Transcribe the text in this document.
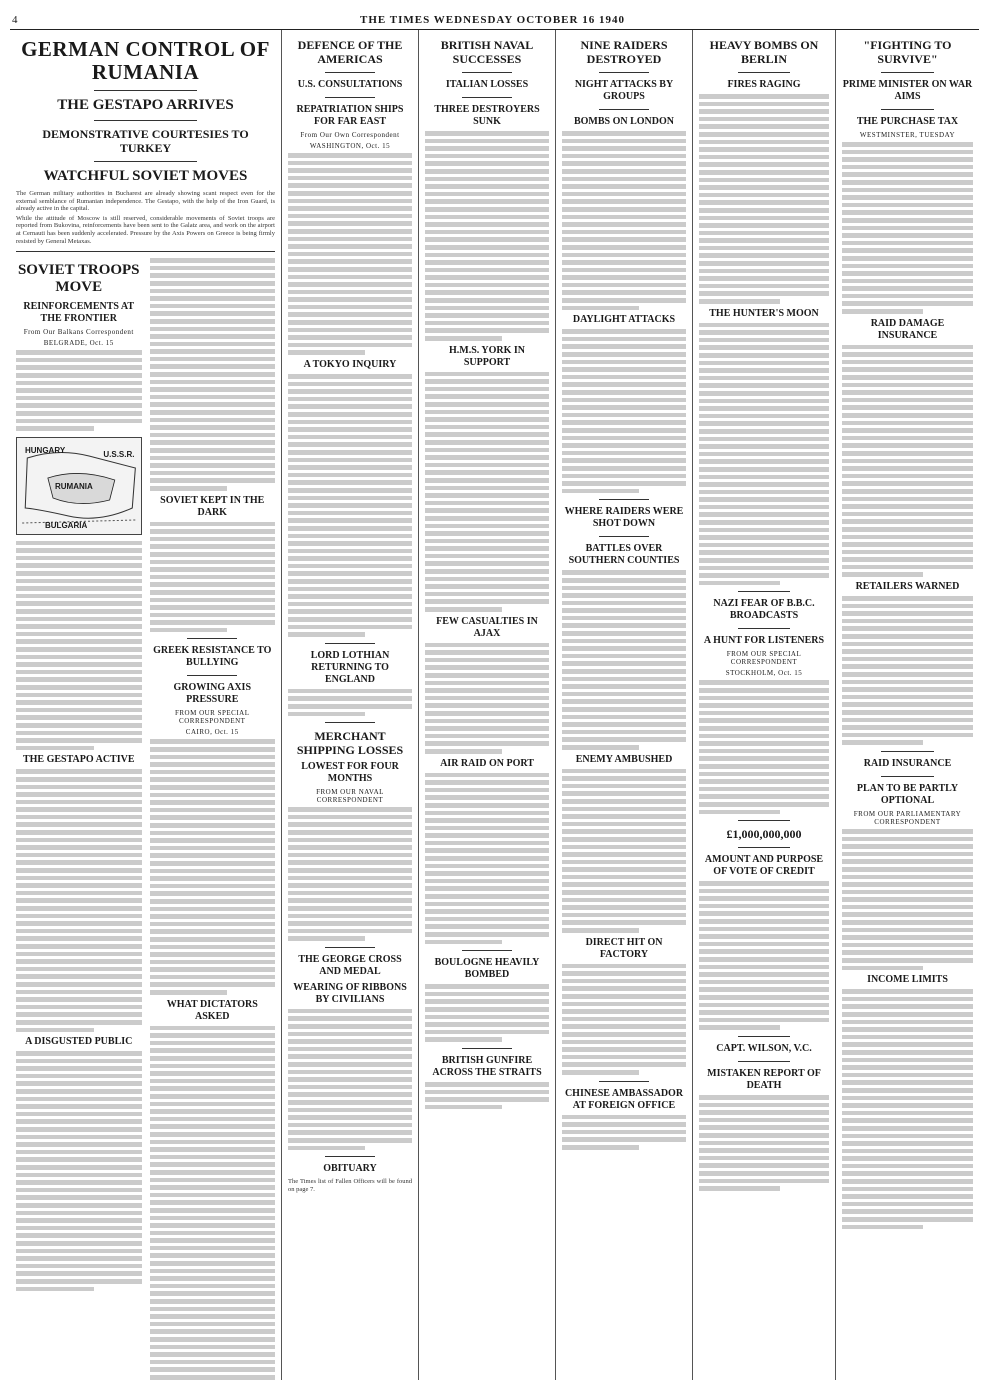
4	THE TIMES WEDNESDAY OCTOBER 16 1940
GERMAN CONTROL OF RUMANIA
THE GESTAPO ARRIVES
DEMONSTRATIVE COURTESIES TO TURKEY
WATCHFUL SOVIET MOVES

The German military authorities in Bucharest are already showing scant respect even for the external semblance of Rumanian independence. The Gestapo, with the help of the Iron Guard, is already active in the capital.

While the attitude of Moscow is still reserved, considerable movements of Soviet troops are reported from Bukovina, reinforcements have been sent to the Galatz area, and work on the airport at Cernauti has been suddenly accelerated. Pressure by the Axis Powers on Greece is being firmly resisted by General Metaxas.

SOVIET TROOPS MOVE
REINFORCEMENTS AT THE FRONTIER
From Our Balkans Correspondent
BELGRADE, Oct. 15
HUNGARY	U.S.S.R.
RUMANIA
BULGARIA
THE GESTAPO ACTIVE
A DISGUSTED PUBLIC
SOVIET KEPT IN THE DARK
GREEK RESISTANCE TO BULLYING
GROWING AXIS PRESSURE
FROM OUR SPECIAL CORRESPONDENT
CAIRO, Oct. 15
WHAT DICTATORS ASKED
DEFENCE OF THE AMERICAS
U.S. CONSULTATIONS
REPATRIATION SHIPS FOR FAR EAST
From Our Own Correspondent
WASHINGTON, Oct. 15
A TOKYO INQUIRY
LORD LOTHIAN RETURNING TO ENGLAND
MERCHANT SHIPPING LOSSES
LOWEST FOR FOUR MONTHS
FROM OUR NAVAL CORRESPONDENT
THE GEORGE CROSS AND MEDAL
WEARING OF RIBBONS BY CIVILIANS
OBITUARY

The Times list of Fallen Officers will be found on page 7.

BRITISH NAVAL SUCCESSES
ITALIAN LOSSES
THREE DESTROYERS SUNK
H.M.S. YORK IN SUPPORT
FEW CASUALTIES IN AJAX
AIR RAID ON PORT
BOULOGNE HEAVILY BOMBED
BRITISH GUNFIRE ACROSS THE STRAITS
NINE RAIDERS DESTROYED
NIGHT ATTACKS BY GROUPS
BOMBS ON LONDON
DAYLIGHT ATTACKS
WHERE RAIDERS WERE SHOT DOWN
BATTLES OVER SOUTHERN COUNTIES
ENEMY AMBUSHED
DIRECT HIT ON FACTORY
CHINESE AMBASSADOR AT FOREIGN OFFICE
HEAVY BOMBS ON BERLIN
FIRES RAGING
THE HUNTER'S MOON
NAZI FEAR OF B.B.C. BROADCASTS
A HUNT FOR LISTENERS
FROM OUR SPECIAL CORRESPONDENT
STOCKHOLM, Oct. 15
£1,000,000,000
AMOUNT AND PURPOSE OF VOTE OF CREDIT
CAPT. WILSON, V.C.
MISTAKEN REPORT OF DEATH
"FIGHTING TO SURVIVE"
PRIME MINISTER ON WAR AIMS
THE PURCHASE TAX
WESTMINSTER, TUESDAY
RAID DAMAGE INSURANCE
RETAILERS WARNED
RAID INSURANCE
PLAN TO BE PARTLY OPTIONAL
FROM OUR PARLIAMENTARY CORRESPONDENT
INCOME LIMITS
